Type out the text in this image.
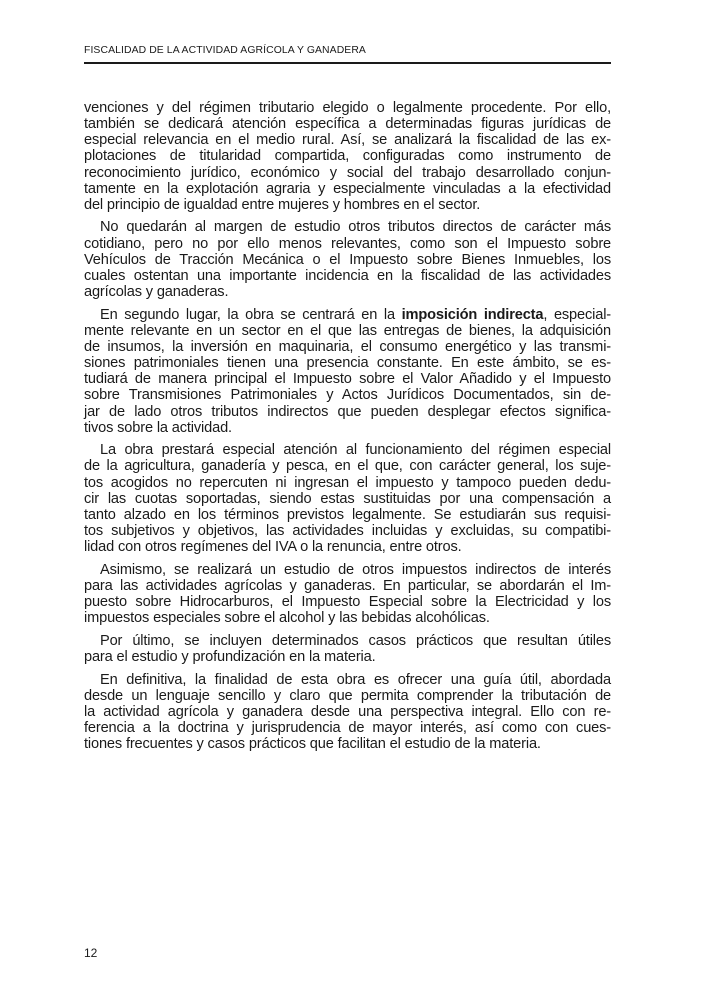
FISCALIDAD DE LA ACTIVIDAD AGRÍCOLA Y GANADERA

venciones y del régimen tributario elegido o legalmente procedente. Por ello,
también se dedicará atención específica a determinadas figuras jurídicas de
especial relevancia en el medio rural. Así, se analizará la fiscalidad de las ex-
plotaciones de titularidad compartida, configuradas como instrumento de
reconocimiento jurídico, económico y social del trabajo desarrollado conjun-
tamente en la explotación agraria y especialmente vinculadas a la efectividad
del principio de igualdad entre mujeres y hombres en el sector.

No quedarán al margen de estudio otros tributos directos de carácter más
cotidiano, pero no por ello menos relevantes, como son el Impuesto sobre
Vehículos de Tracción Mecánica o el Impuesto sobre Bienes Inmuebles, los
cuales ostentan una importante incidencia en la fiscalidad de las actividades
agrícolas y ganaderas.

En segundo lugar, la obra se centrará en la imposición indirecta, especial-
mente relevante en un sector en el que las entregas de bienes, la adquisición
de insumos, la inversión en maquinaria, el consumo energético y las transmi-
siones patrimoniales tienen una presencia constante. En este ámbito, se es-
tudiará de manera principal el Impuesto sobre el Valor Añadido y el Impuesto
sobre Transmisiones Patrimoniales y Actos Jurídicos Documentados, sin de-
jar de lado otros tributos indirectos que pueden desplegar efectos significa-
tivos sobre la actividad.

La obra prestará especial atención al funcionamiento del régimen especial
de la agricultura, ganadería y pesca, en el que, con carácter general, los suje-
tos acogidos no repercuten ni ingresan el impuesto y tampoco pueden dedu-
cir las cuotas soportadas, siendo estas sustituidas por una compensación a
tanto alzado en los términos previstos legalmente. Se estudiarán sus requisi-
tos subjetivos y objetivos, las actividades incluidas y excluidas, su compatibi-
lidad con otros regímenes del IVA o la renuncia, entre otros.

Asimismo, se realizará un estudio de otros impuestos indirectos de interés
para las actividades agrícolas y ganaderas. En particular, se abordarán el Im-
puesto sobre Hidrocarburos, el Impuesto Especial sobre la Electricidad y los
impuestos especiales sobre el alcohol y las bebidas alcohólicas.

Por último, se incluyen determinados casos prácticos que resultan útiles
para el estudio y profundización en la materia.

En definitiva, la finalidad de esta obra es ofrecer una guía útil, abordada
desde un lenguaje sencillo y claro que permita comprender la tributación de
la actividad agrícola y ganadera desde una perspectiva integral. Ello con re-
ferencia a la doctrina y jurisprudencia de mayor interés, así como con cues-
tiones frecuentes y casos prácticos que facilitan el estudio de la materia.

12
